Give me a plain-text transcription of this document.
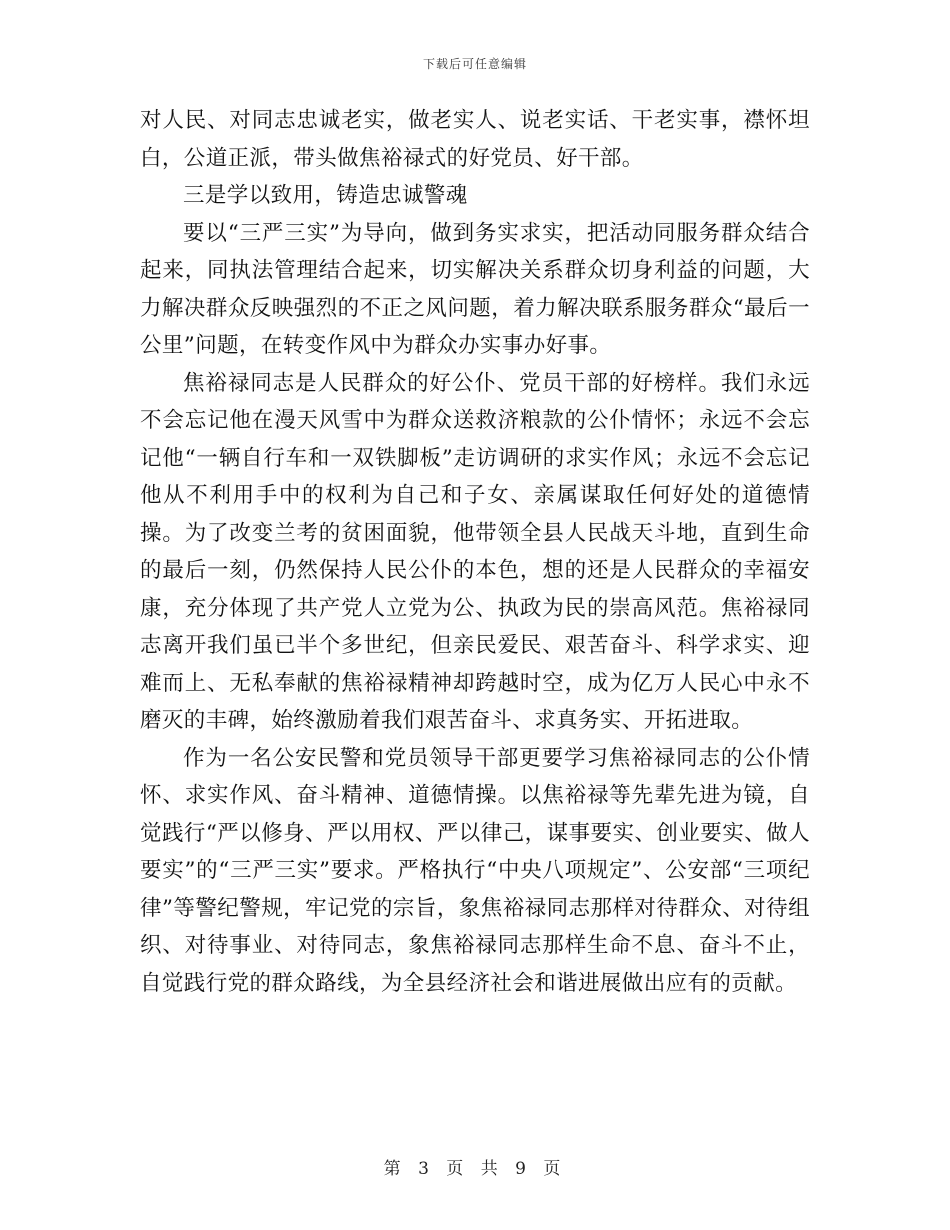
下载后可任意编辑

对人民、对同志忠诚老实，做老实人、说老实话、干老实事，襟怀坦白，公道正派，带头做焦裕禄式的好党员、好干部。

三是学以致用，铸造忠诚警魂

要以“三严三实”为导向，做到务实求实，把活动同服务群众结合起来，同执法管理结合起来，切实解决关系群众切身利益的问题，大力解决群众反映强烈的不正之风问题，着力解决联系服务群众“最后一公里”问题，在转变作风中为群众办实事办好事。

焦裕禄同志是人民群众的好公仆、党员干部的好榜样。我们永远不会忘记他在漫天风雪中为群众送救济粮款的公仆情怀；永远不会忘记他“一辆自行车和一双铁脚板”走访调研的求实作风；永远不会忘记他从不利用手中的权利为自己和子女、亲属谋取任何好处的道德情操。为了改变兰考的贫困面貌，他带领全县人民战天斗地，直到生命的最后一刻，仍然保持人民公仆的本色，想的还是人民群众的幸福安康，充分体现了共产党人立党为公、执政为民的崇高风范。焦裕禄同志离开我们虽已半个多世纪，但亲民爱民、艰苦奋斗、科学求实、迎难而上、无私奉献的焦裕禄精神却跨越时空，成为亿万人民心中永不磨灭的丰碑，始终激励着我们艰苦奋斗、求真务实、开拓进取。

作为一名公安民警和党员领导干部更要学习焦裕禄同志的公仆情怀、求实作风、奋斗精神、道德情操。以焦裕禄等先辈先进为镜，自觉践行“严以修身、严以用权、严以律己，谋事要实、创业要实、做人要实”的“三严三实”要求。严格执行“中央八项规定”、公安部“三项纪律”等警纪警规，牢记党的宗旨，象焦裕禄同志那样对待群众、对待组织、对待事业、对待同志，象焦裕禄同志那样生命不息、奋斗不止，自觉践行党的群众路线，为全县经济社会和谐进展做出应有的贡献。

第 3 页 共 9 页
